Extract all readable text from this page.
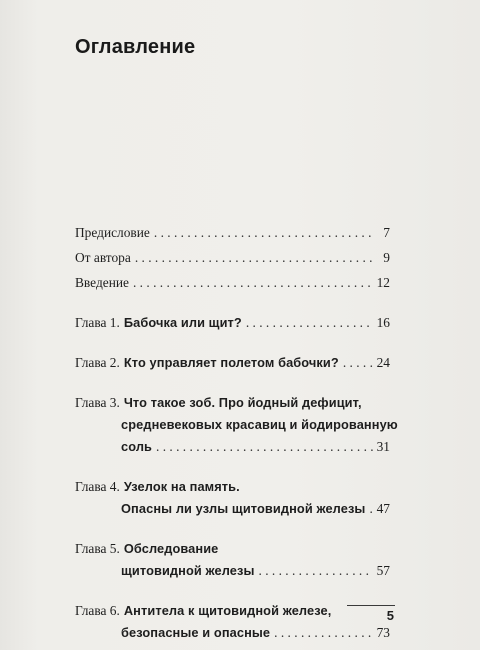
Оглавление
Предисловие . . .	7
От автора . . .	9
Введение . . .	12
Глава 1. Бабочка или щит? . . .	16
Глава 2. Кто управляет полетом бабочки? . . .	24
Глава 3. Что такое зоб. Про йодный дефицит,
средневековых красавиц и йодированную
соль . . .	31
Глава 4. Узелок на память.
Опасны ли узлы щитовидной железы . . . 47
Глава 5. Обследование
щитовидной железы . . .	57
Глава 6. Антитела к щитовидной железе,
безопасные и опасные . . .	73
5
